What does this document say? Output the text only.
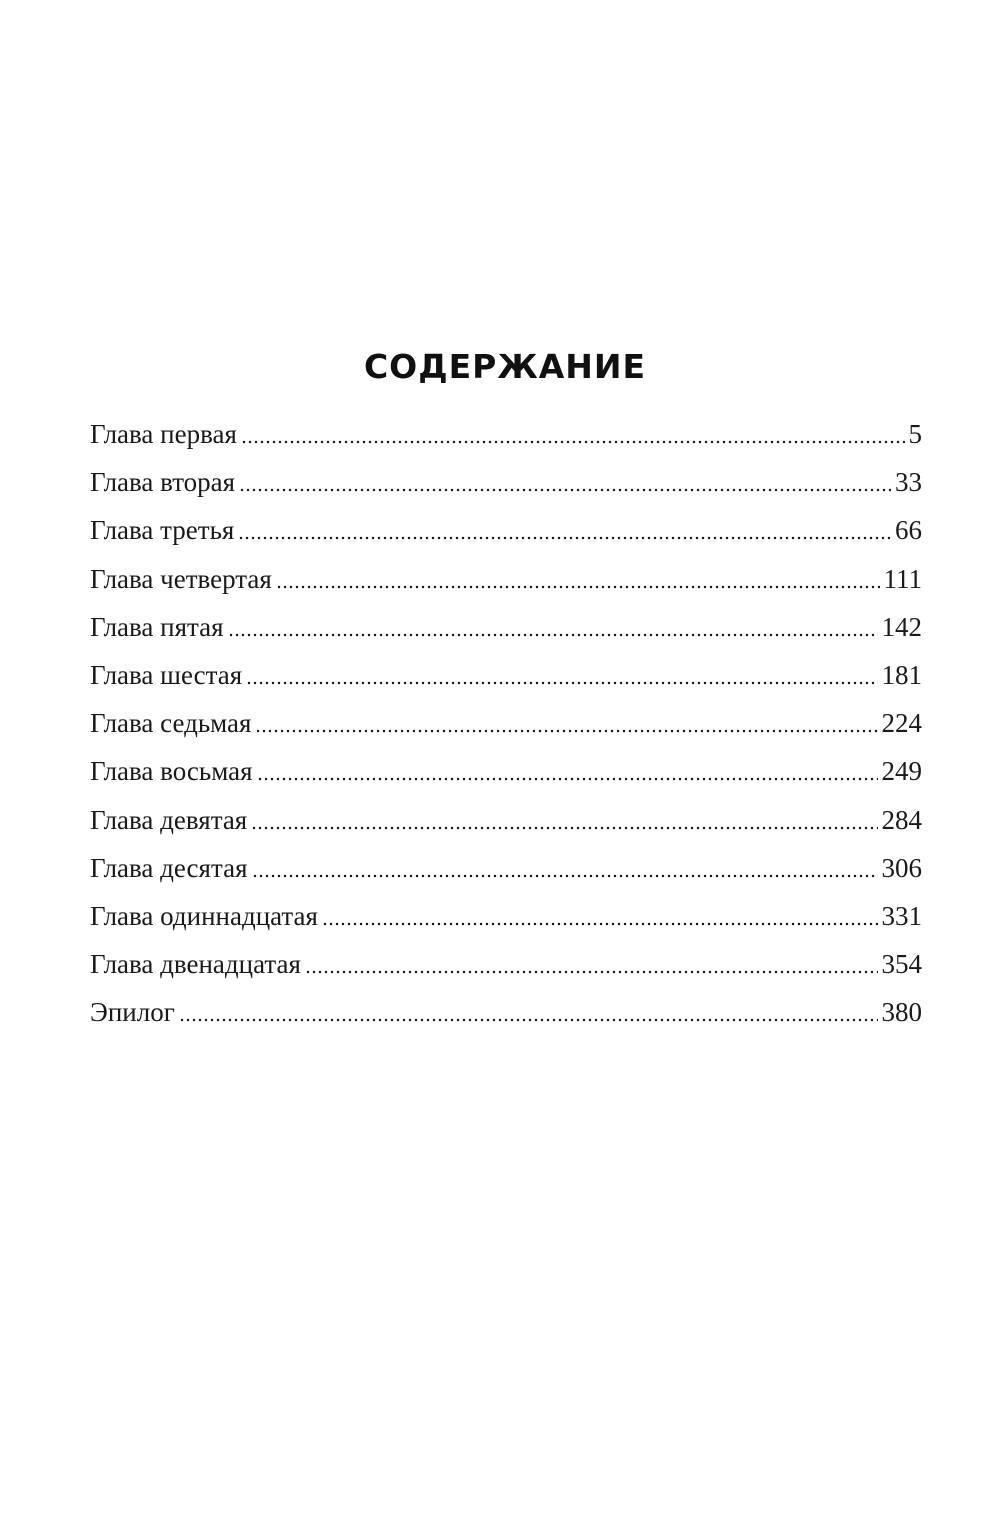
СОДЕРЖАНИЕ
Глава первая	5
Глава вторая	33
Глава третья	66
Глава четвертая	111
Глава пятая	142
Глава шестая	181
Глава седьмая	224
Глава восьмая	249
Глава девятая	284
Глава десятая	306
Глава одиннадцатая	331
Глава двенадцатая	354
Эпилог	380
